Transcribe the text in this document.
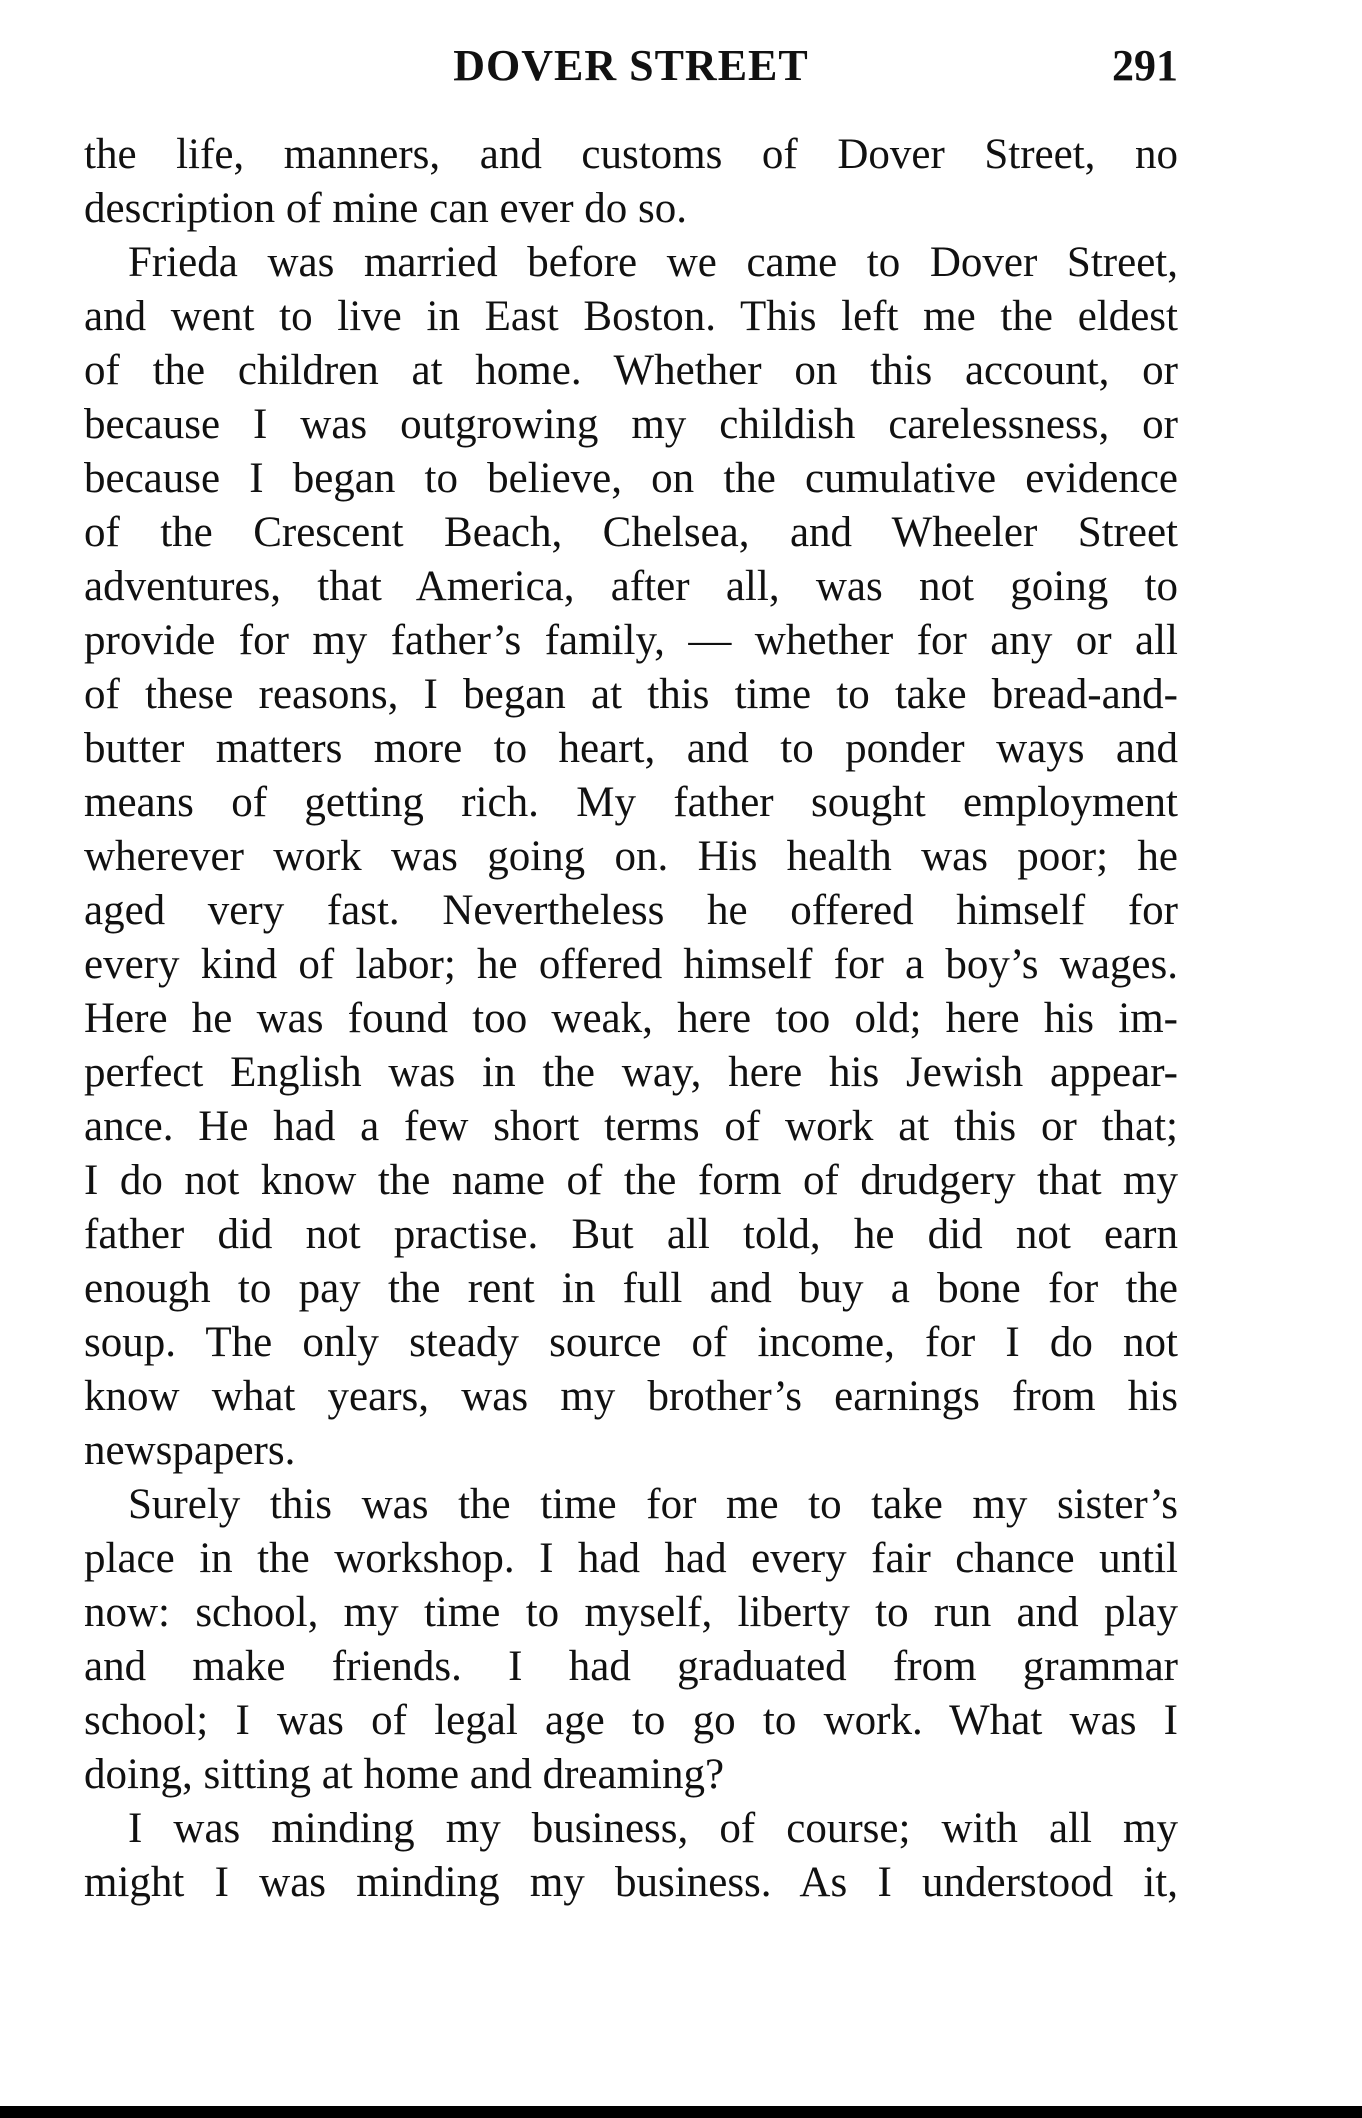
DOVER STREET	291
the life, manners, and customs of Dover Street, no
description of mine can ever do so.
Frieda was married before we came to Dover Street,
and went to live in East Boston. This left me the eldest
of the children at home. Whether on this account, or
because I was outgrowing my childish carelessness, or
because I began to believe, on the cumulative evidence
of the Crescent Beach, Chelsea, and Wheeler Street
adventures, that America, after all, was not going to
provide for my father’s family, — whether for any or all
of these reasons, I began at this time to take bread-and-
butter matters more to heart, and to ponder ways and
means of getting rich. My father sought employment
wherever work was going on. His health was poor; he
aged very fast. Nevertheless he offered himself for
every kind of labor; he offered himself for a boy’s wages.
Here he was found too weak, here too old; here his im-
perfect English was in the way, here his Jewish appear-
ance. He had a few short terms of work at this or that;
I do not know the name of the form of drudgery that my
father did not practise. But all told, he did not earn
enough to pay the rent in full and buy a bone for the
soup. The only steady source of income, for I do not
know what years, was my brother’s earnings from his
newspapers.
Surely this was the time for me to take my sister’s
place in the workshop. I had had every fair chance until
now: school, my time to myself, liberty to run and play
and make friends. I had graduated from grammar
school; I was of legal age to go to work. What was I
doing, sitting at home and dreaming?
I was minding my business, of course; with all my
might I was minding my business. As I understood it,
